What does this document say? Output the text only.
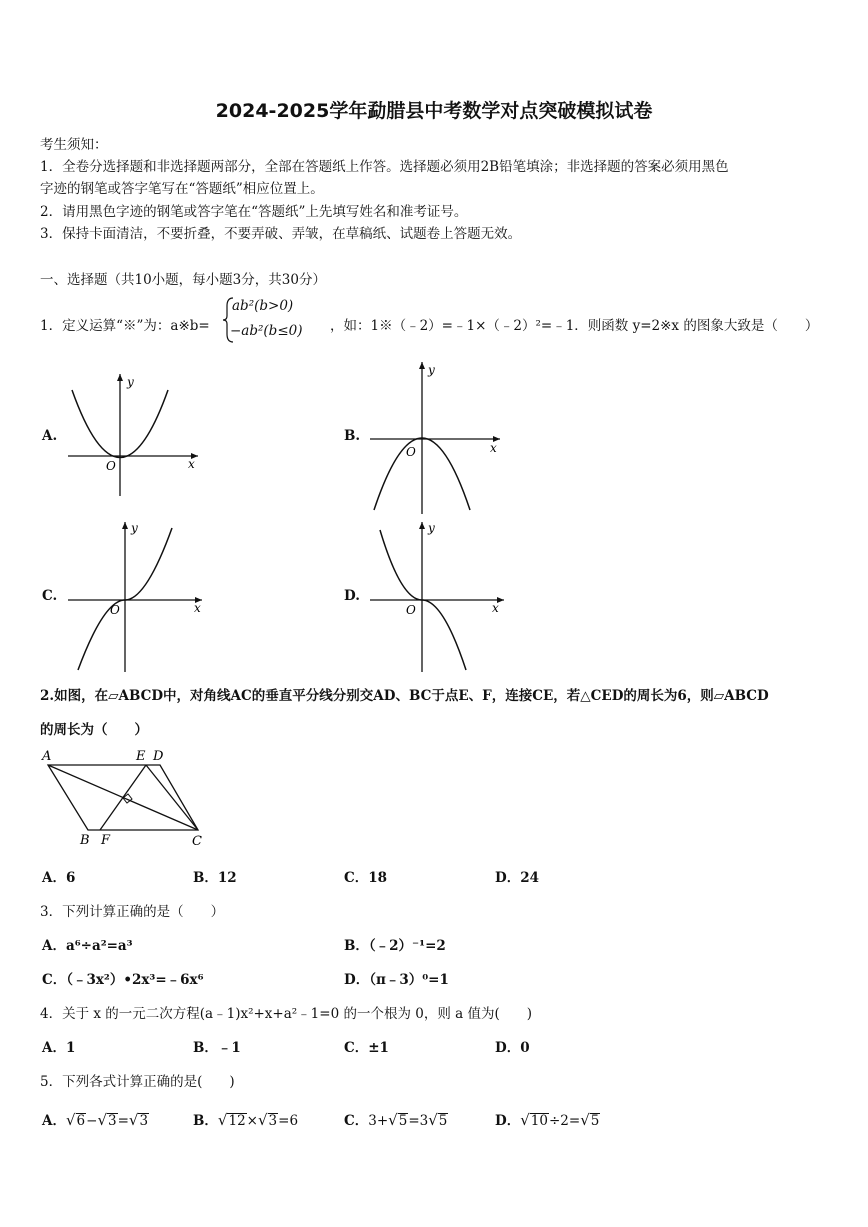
2024-2025学年勐腊县中考数学对点突破模拟试卷
考生须知：
1．全卷分选择题和非选择题两部分，全部在答题纸上作答。选择题必须用2B铅笔填涂；非选择题的答案必须用黑色
字迹的钢笔或答字笔写在“答题纸”相应位置上。
2．请用黑色字迹的钢笔或答字笔在“答题纸”上先填写姓名和准考证号。
3．保持卡面清洁，不要折叠，不要弄破、弄皱，在草稿纸、试题卷上答题无效。
一、选择题（共10小题，每小题3分，共30分）
1．定义运算“※”为：a※b=
ab²(b>0)
−ab²(b≤0) ，如：1※（﹣2）=﹣1×（﹣2）²=﹣1．则函数 y=2※x 的图象大致是（　　）
A.
y
x
O
B.
y
x
O
C.
y
x
O
D.
y
x
O
2.如图，在▱ABCD中，对角线AC的垂直平分线分别交AD、BC于点E、F，连接CE，若△CED的周长为6，则▱ABCD
的周长为（　　）
A	E D
B F	C
A．6	B．12	C．18	D．24
3．下列计算正确的是（　　）
A．a⁶÷a²=a³	B．（﹣2）⁻¹=2
C．（﹣3x²）•2x³=﹣6x⁶	D．（π﹣3）⁰=1
4．关于 x 的一元二次方程(a﹣1)x²+x+a²﹣1=0 的一个根为 0，则 a 值为(　　)
A．1	B．﹣1	C．±1	D．0
5．下列各式计算正确的是(　　)
A．√6−√3=√3	B．√12×√3=6	C．3+√5=3√5	D．√10÷2=√5
